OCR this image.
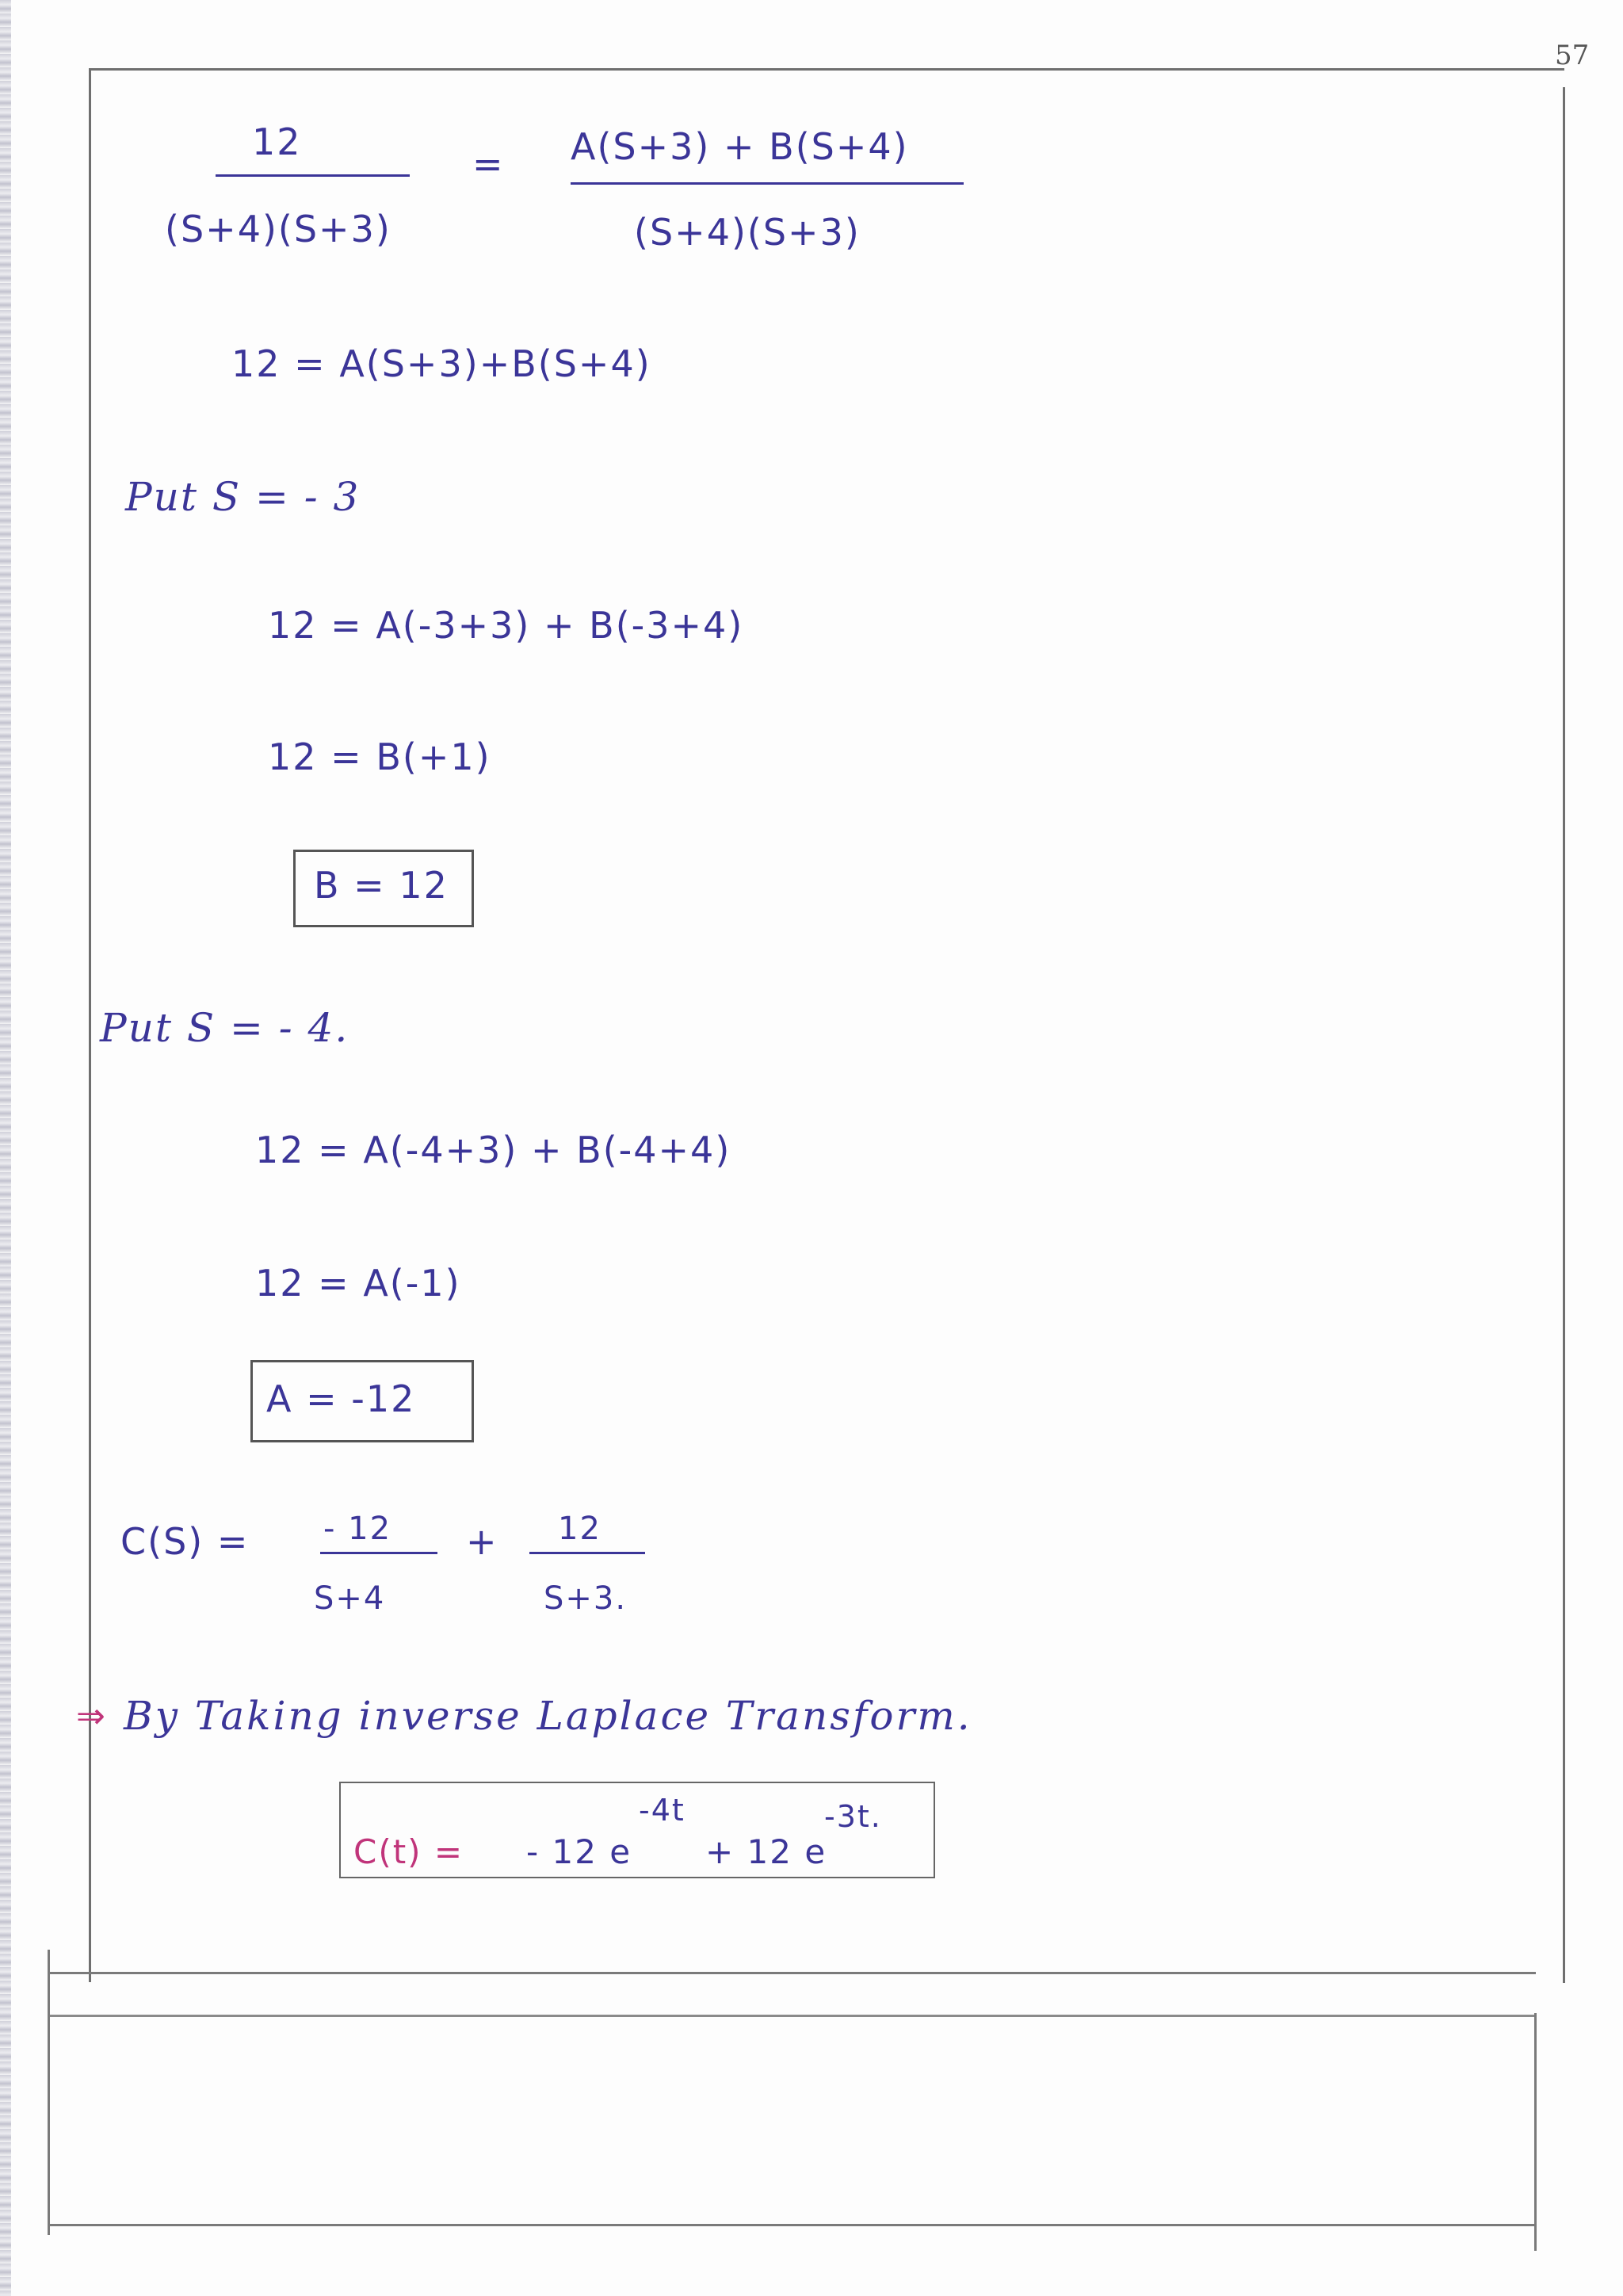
57
12
(S+4)(S+3)
= A(S+3) + B(S+4)
(S+4)(S+3)
12 = A(S+3)+B(S+4)
Put S = - 3
12 = A(-3+3) + B(-3+4)
12 = B(+1)
B = 12
Put S = - 4.
12 = A(-4+3) + B(-4+4)
12 = A(-1)
A = -12
C(S) = - 12
S+4
+ 12
S+3.
⇒ By Taking inverse Laplace Transform.
C(t) = - 12 e
-4t
+ 12 e
-3t.
